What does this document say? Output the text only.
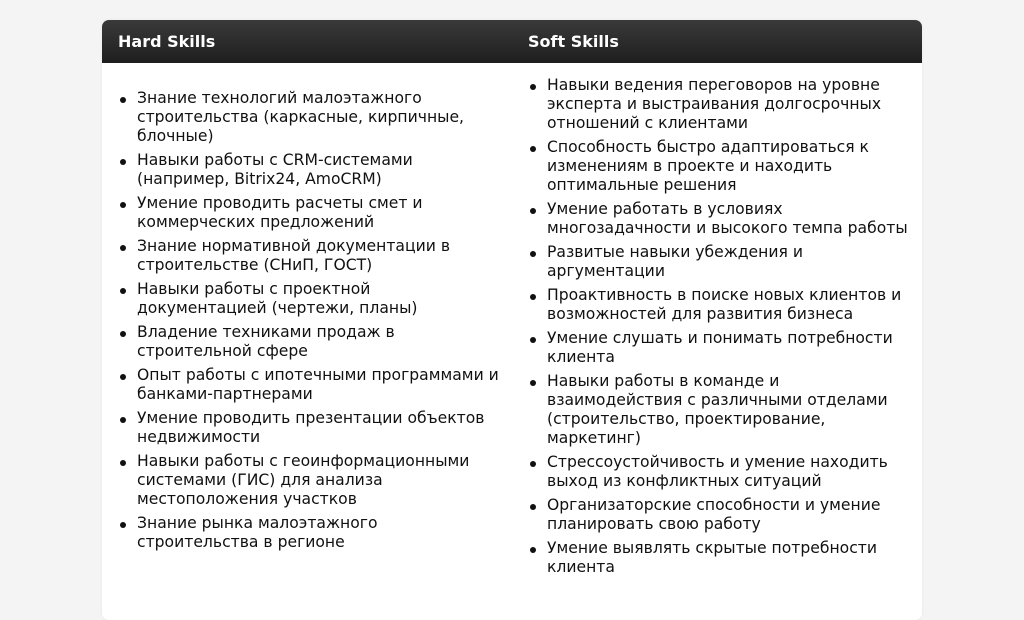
Hard Skills	Soft Skills
Знание технологий малоэтажного строительства (каркасные, кирпичные, блочные)
Навыки работы с CRM-системами (например, Bitrix24, AmoCRM)
Умение проводить расчеты смет и коммерческих предложений
Знание нормативной документации в строительстве (СНиП, ГОСТ)
Навыки работы с проектной документацией (чертежи, планы)
Владение техниками продаж в строительной сфере
Опыт работы с ипотечными программами и банками-партнерами
Умение проводить презентации объектов недвижимости
Навыки работы с геоинформационными системами (ГИС) для анализа местоположения участков
Знание рынка малоэтажного строительства в регионе
Навыки ведения переговоров на уровне эксперта и выстраивания долгосрочных отношений с клиентами
Способность быстро адаптироваться к изменениям в проекте и находить оптимальные решения
Умение работать в условиях многозадачности и высокого темпа работы
Развитые навыки убеждения и аргументации
Проактивность в поиске новых клиентов и возможностей для развития бизнеса
Умение слушать и понимать потребности клиента
Навыки работы в команде и взаимодействия с различными отделами (строительство, проектирование, маркетинг)
Стрессоустойчивость и умение находить выход из конфликтных ситуаций
Организаторские способности и умение планировать свою работу
Умение выявлять скрытые потребности клиента
